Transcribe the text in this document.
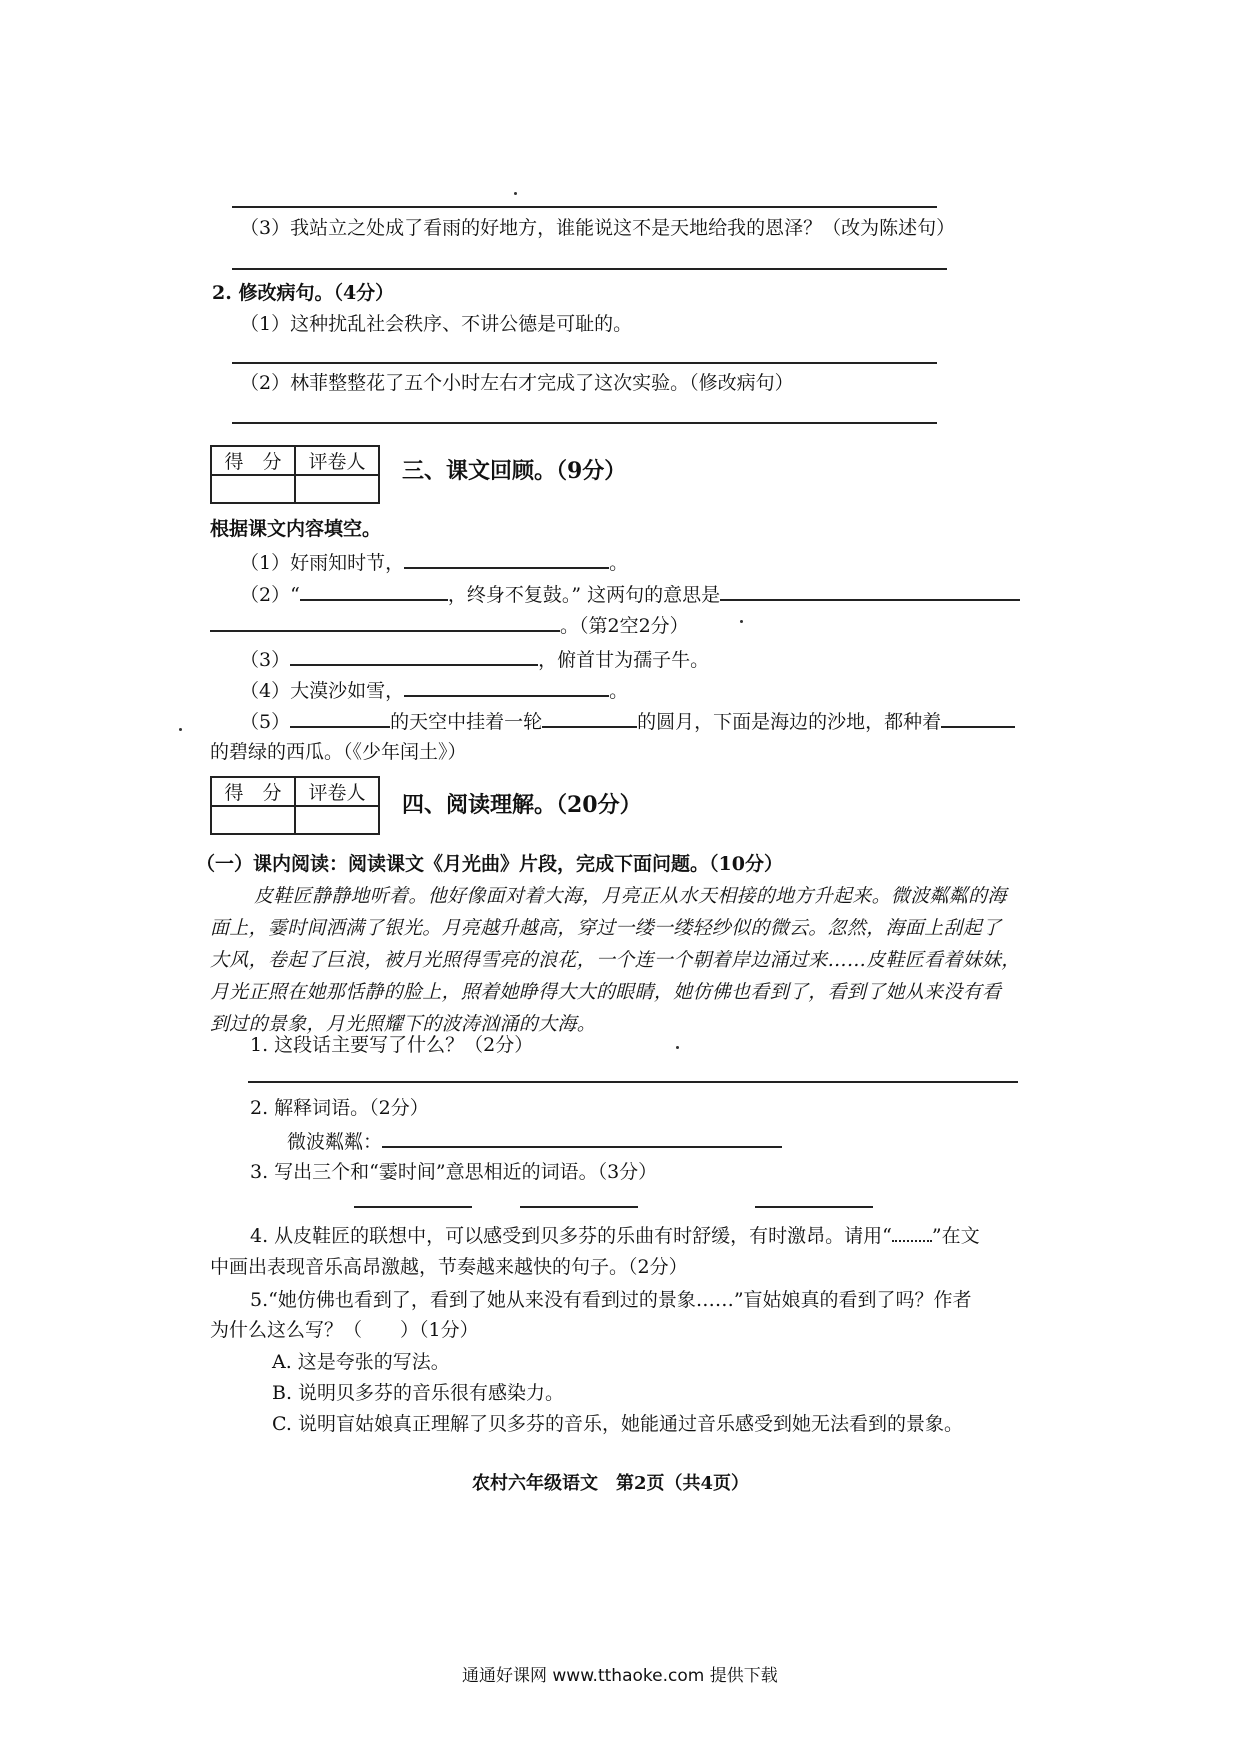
（3）我站立之处成了看雨的好地方，谁能说这不是天地给我的恩泽？（改为陈述句）
2. 修改病句。（4分）
（1）这种扰乱社会秩序、不讲公德是可耻的。
（2）林菲整整花了五个小时左右才完成了这次实验。（修改病句）
得　分	评卷人
	三、课文回顾。（9分）
根据课文内容填空。
（1）好雨知时节，	。
（2）“	，终身不复鼓。” 这两句的意思是
。（第2空2分）
（3）	，俯首甘为孺子牛。
（4）大漠沙如雪，	。
（5）	的天空中挂着一轮	的圆月，下面是海边的沙地，都种着
的碧绿的西瓜。（《少年闰土》）
得　分	评卷人
	四、阅读理解。（20分）
（一）课内阅读：阅读课文《月光曲》片段，完成下面问题。（10分）
皮鞋匠静静地听着。他好像面对着大海，月亮正从水天相接的地方升起来。微波粼粼的海
面上，霎时间洒满了银光。月亮越升越高，穿过一缕一缕轻纱似的微云。忽然，海面上刮起了
大风，卷起了巨浪，被月光照得雪亮的浪花，一个连一个朝着岸边涌过来……皮鞋匠看着妹妹，
月光正照在她那恬静的脸上，照着她睁得大大的眼睛，她仿佛也看到了，看到了她从来没有看
到过的景象，月光照耀下的波涛汹涌的大海。
1. 这段话主要写了什么？（2分）
2. 解释词语。（2分）
微波粼粼：
3. 写出三个和“霎时间”意思相近的词语。（3分）
4. 从皮鞋匠的联想中，可以感受到贝多芬的乐曲有时舒缓，有时激昂。请用“ ”在文
中画出表现音乐高昂激越，节奏越来越快的句子。（2分）
5.“她仿佛也看到了，看到了她从来没有看到过的景象……”盲姑娘真的看到了吗？作者
为什么这么写？（　　）（1分）
A. 这是夸张的写法。
B. 说明贝多芬的音乐很有感染力。
C. 说明盲姑娘真正理解了贝多芬的音乐，她能通过音乐感受到她无法看到的景象。
农村六年级语文　第2页（共4页）
通通好课网 www.tthaoke.com 提供下载
